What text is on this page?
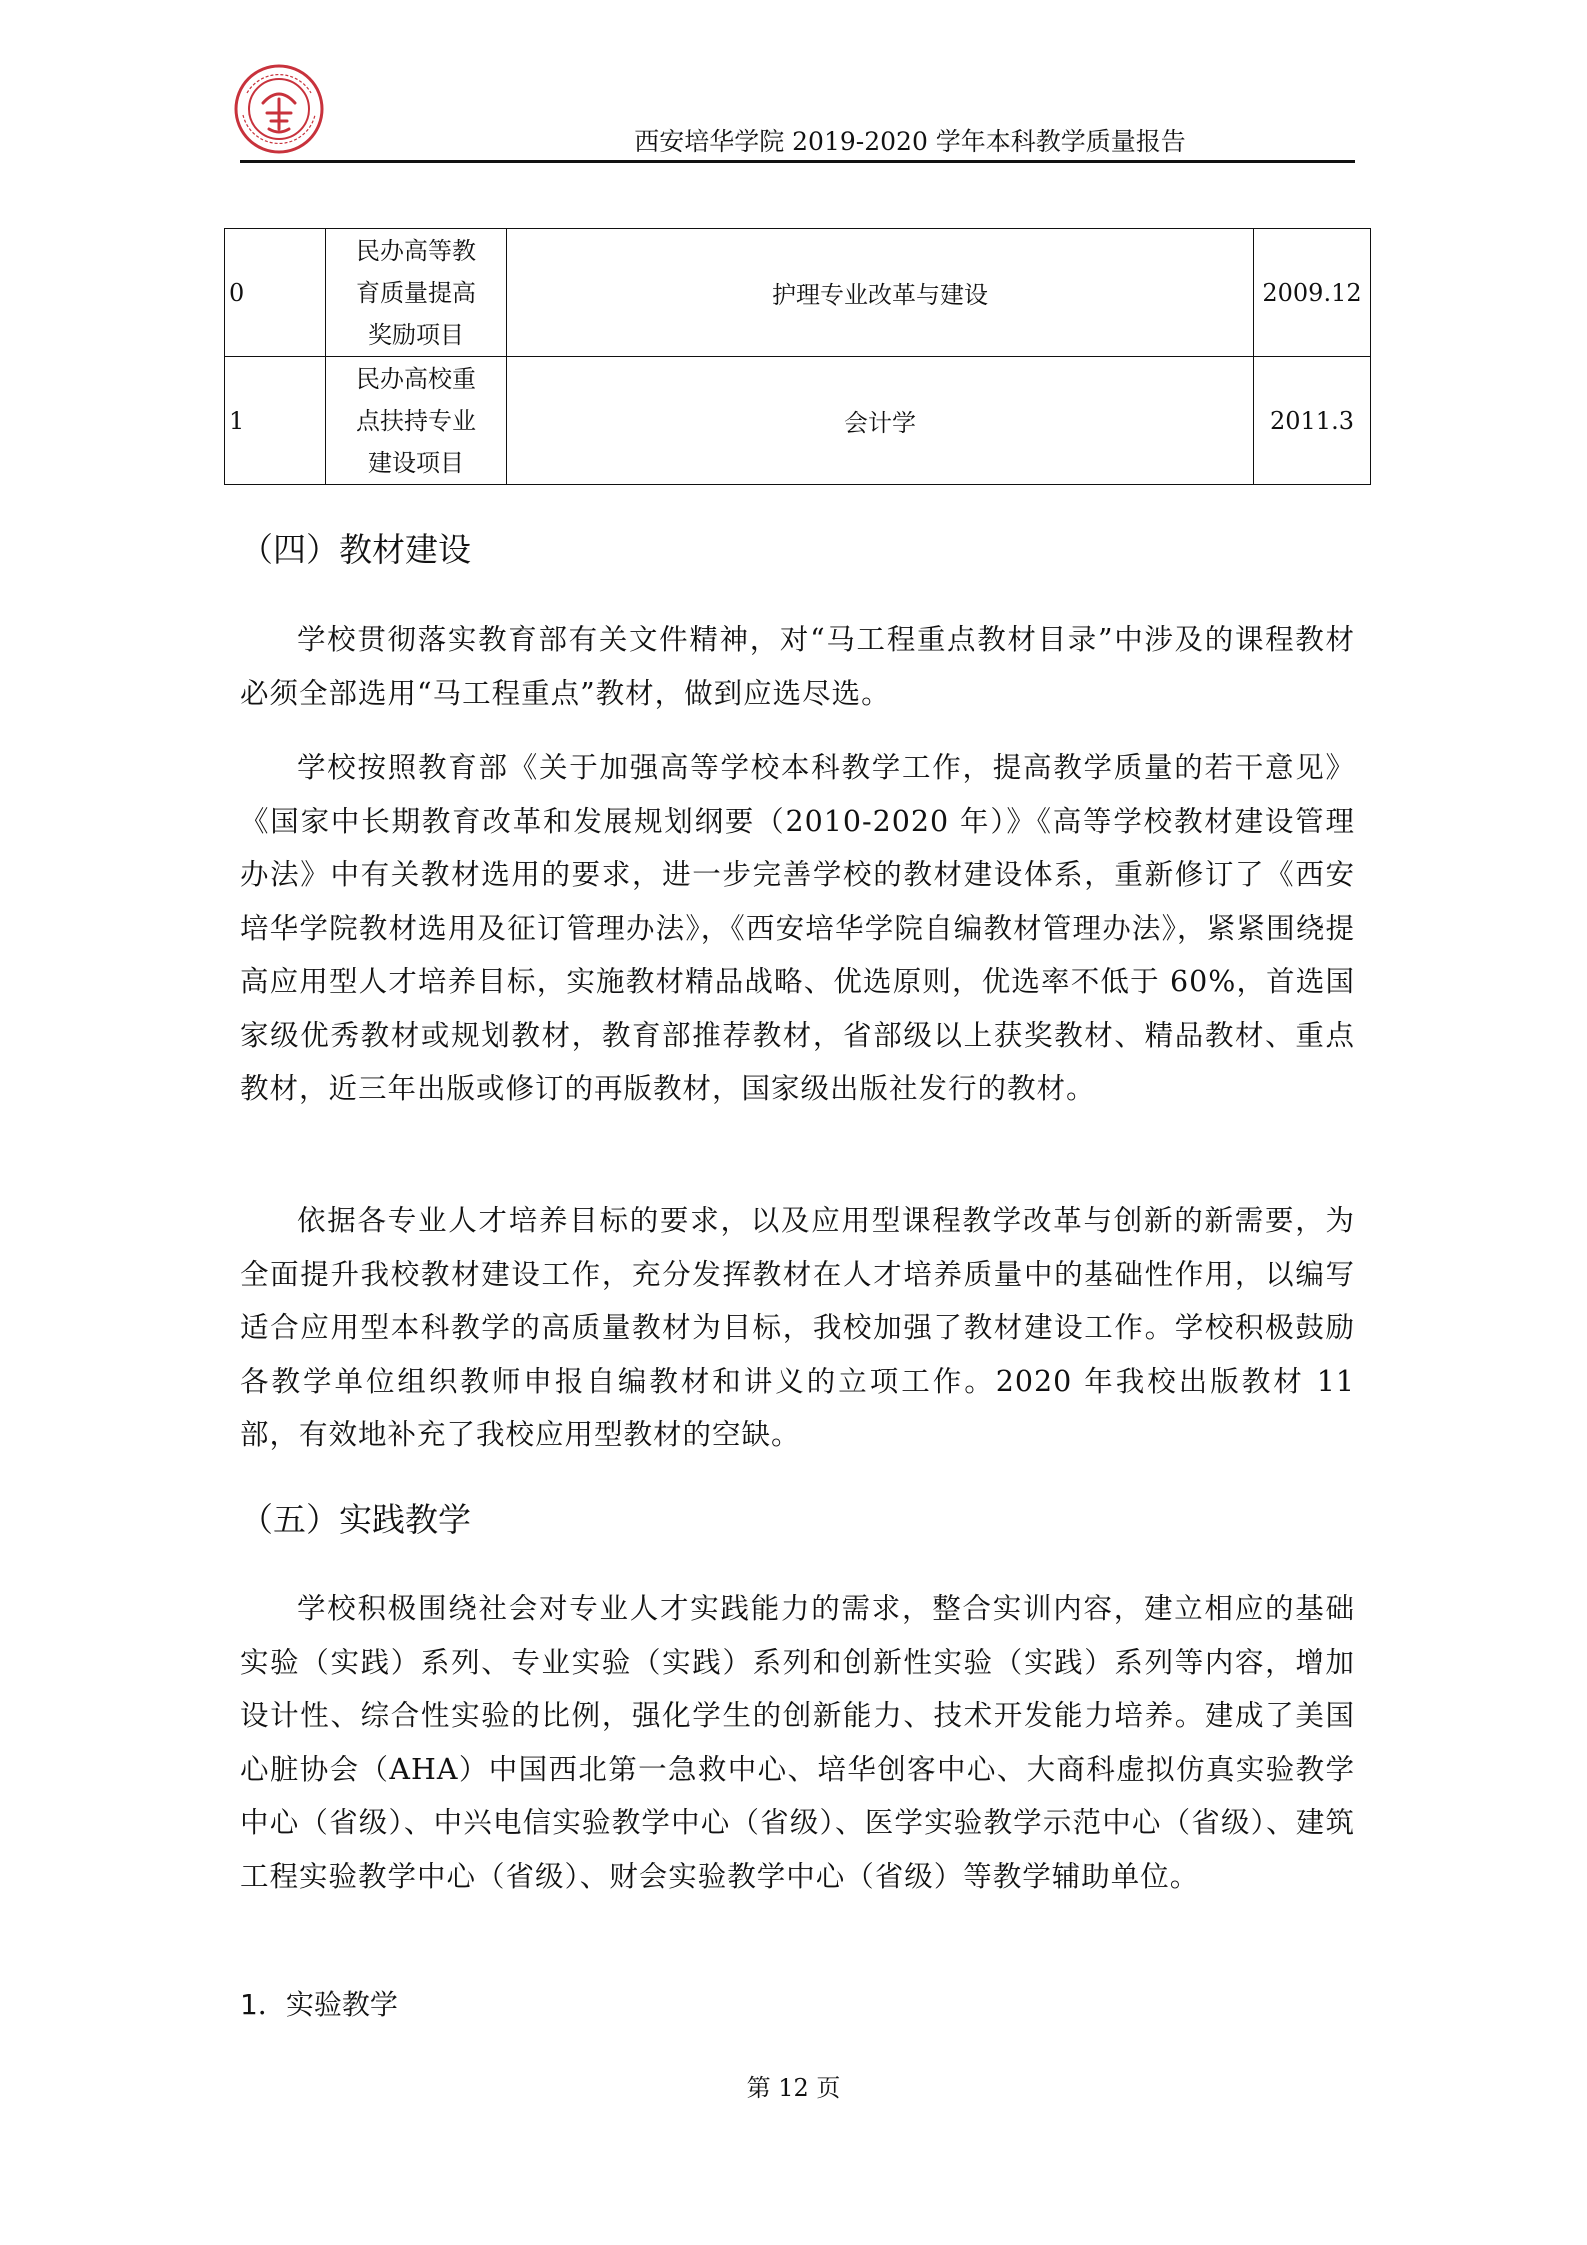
西安培华学院 2019-2020 学年本科教学质量报告
0	民办高等教
育质量提高
奖励项目	护理专业改革与建设	2009.12
1	民办高校重
点扶持专业
建设项目	会计学	2011.3
（四）教材建设
学校贯彻落实教育部有关文件精神，对“马工程重点教材目录”中涉及的课程教材必须全部选用“马工程重点”教材，做到应选尽选。
学校按照教育部《关于加强高等学校本科教学工作，提高教学质量的若干意见》《国家中长期教育改革和发展规划纲要（2010-2020 年）》《高等学校教材建设管理办法》中有关教材选用的要求，进一步完善学校的教材建设体系，重新修订了《西安培华学院教材选用及征订管理办法》，《西安培华学院自编教材管理办法》，紧紧围绕提高应用型人才培养目标，实施教材精品战略、优选原则，优选率不低于 60%，首选国家级优秀教材或规划教材，教育部推荐教材，省部级以上获奖教材、精品教材、重点教材，近三年出版或修订的再版教材，国家级出版社发行的教材。
依据各专业人才培养目标的要求，以及应用型课程教学改革与创新的新需要，为全面提升我校教材建设工作，充分发挥教材在人才培养质量中的基础性作用，以编写适合应用型本科教学的高质量教材为目标，我校加强了教材建设工作。学校积极鼓励各教学单位组织教师申报自编教材和讲义的立项工作。2020 年我校出版教材 11 部，有效地补充了我校应用型教材的空缺。
（五）实践教学
学校积极围绕社会对专业人才实践能力的需求，整合实训内容，建立相应的基础实验（实践）系列、专业实验（实践）系列和创新性实验（实践）系列等内容，增加设计性、综合性实验的比例，强化学生的创新能力、技术开发能力培养。建成了美国心脏协会（AHA）中国西北第一急救中心、培华创客中心、大商科虚拟仿真实验教学中心（省级）、中兴电信实验教学中心（省级）、医学实验教学示范中心（省级）、建筑工程实验教学中心（省级）、财会实验教学中心（省级）等教学辅助单位。
1．实验教学
第 12 页
